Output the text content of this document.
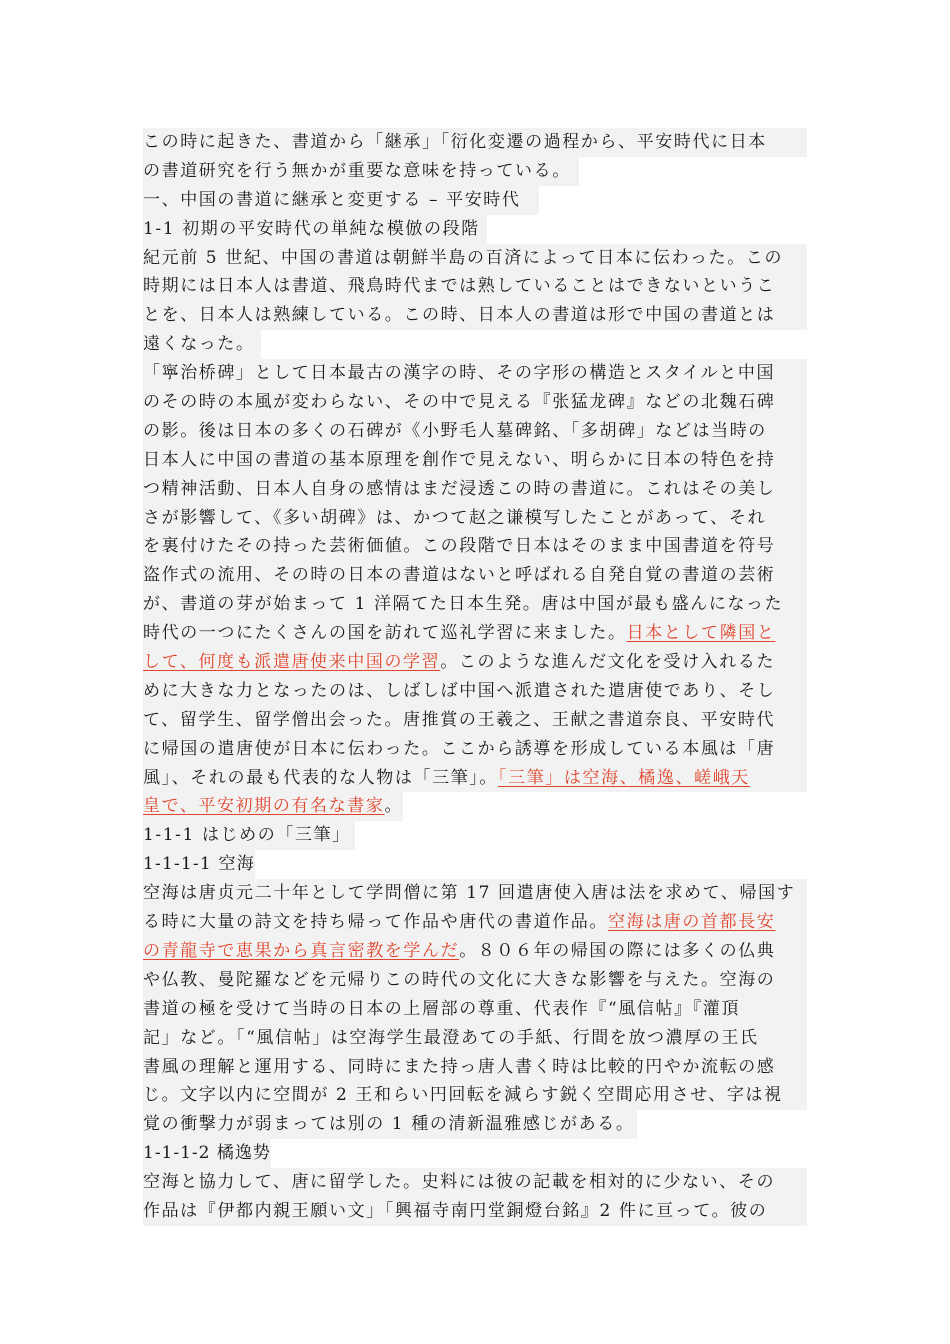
この時に起きた、書道から「継承」「衍化変遷の過程から、平安時代に日本
の書道研究を行う無かが重要な意味を持っている。
一、中国の書道に継承と変更する – 平安時代
1-1 初期の平安時代の単純な模倣の段階
紀元前 5 世紀、中国の書道は朝鮮半島の百済によって日本に伝わった。この
時期には日本人は書道、飛鳥時代までは熟していることはできないというこ
とを、日本人は熟練している。この時、日本人の書道は形で中国の書道とは
遠くなった。
「寧治桥碑」として日本最古の漢字の時、その字形の構造とスタイルと中国
のその時の本風が変わらない、その中で見える『张猛龙碑』などの北魏石碑
の影。後は日本の多くの石碑が《小野毛人墓碑銘、「多胡碑」などは当時の
日本人に中国の書道の基本原理を創作で見えない、明らかに日本の特色を持
つ精神活動、日本人自身の感情はまだ浸透この時の書道に。これはその美し
さが影響して、《多い胡碑》は、かつて赵之谦模写したことがあって、それ
を裏付けたその持った芸術価値。この段階で日本はそのまま中国書道を符号
盗作式の流用、その時の日本の書道はないと呼ばれる自発自覚の書道の芸術
が、書道の芽が始まって 1 洋隔てた日本生発。唐は中国が最も盛んになった
時代の一つにたくさんの国を訪れて巡礼学習に来ました。日本として隣国と
して、何度も派遣唐使来中国の学習。このような進んだ文化を受け入れるた
めに大きな力となったのは、しばしば中国へ派遣された遣唐使であり、そし
て、留学生、留学僧出会った。唐推賞の王羲之、王献之書道奈良、平安時代
に帰国の遣唐使が日本に伝わった。ここから誘導を形成している本風は「唐
風」、それの最も代表的な人物は「三筆」。「三筆」は空海、橘逸、嵯峨天
皇で、平安初期の有名な書家。
1-1-1 はじめの「三筆」
1-1-1-1 空海
空海は唐贞元二十年として学問僧に第 17 回遣唐使入唐は法を求めて、帰国す
る時に大量の詩文を持ち帰って作品や唐代の書道作品。空海は唐の首都長安
の青龍寺で恵果から真言密教を学んだ。８０６年の帰国の際には多くの仏典
や仏教、曼陀羅などを元帰りこの時代の文化に大きな影響を与えた。空海の
書道の極を受けて当時の日本の上層部の尊重、代表作『“風信帖』『灌頂
記」など。「“風信帖」は空海学生最澄あての手紙、行間を放つ濃厚の王氏
書風の理解と運用する、同時にまた持っ唐人書く時は比較的円やか流転の感
じ。文字以内に空間が 2 王和らい円回転を減らす鋭く空間応用させ、字は視
覚の衝撃力が弱まっては別の 1 種の清新温雅感じがある。
1-1-1-2 橘逸势
空海と協力して、唐に留学した。史料には彼の記載を相対的に少ない、その
作品は『伊都内親王願い文」「興福寺南円堂銅燈台銘』2 件に亘って。彼の
